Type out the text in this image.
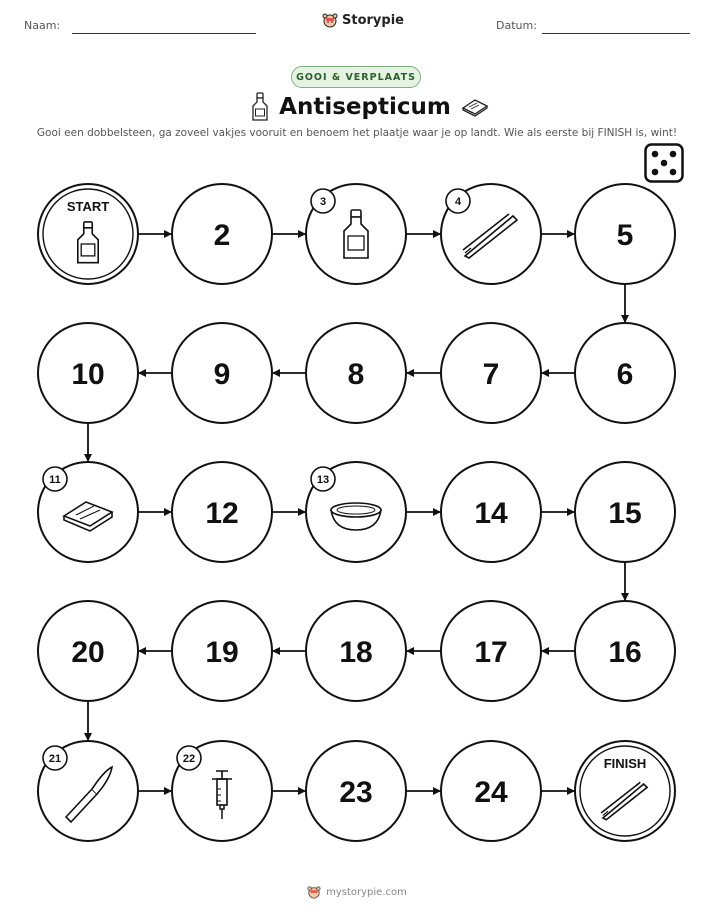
Naam:	Storypie	Datum:
GOOI & VERPLAATS
Antisepticum
Gooi een dobbelsteen, ga zoveel vakjes vooruit en benoem het plaatje waar je op landt. Wie als eerste bij FINISH is, wint!
START
2
3	4
5
6
7
8
9
10
11
12
13
14	15
16
17
18
19
20
21	22
23	24
FINISH
mystorypie.com
